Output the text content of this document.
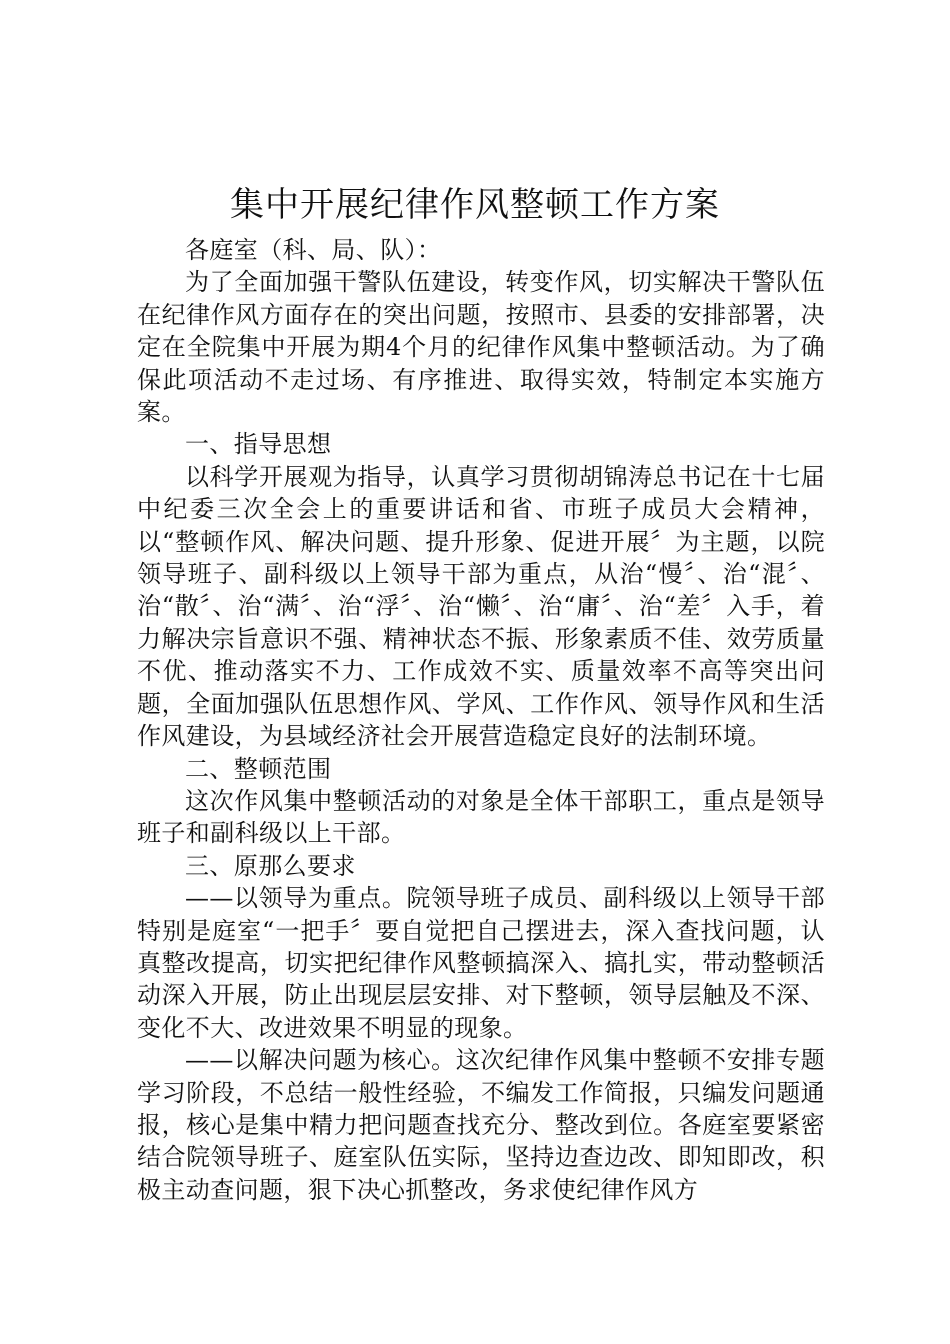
集中开展纪律作风整顿工作方案

各庭室（科、局、队）：

为了全面加强干警队伍建设，转变作风，切实解决干警队伍在纪律作风方面存在的突出问题，按照市、县委的安排部署，决定在全院集中开展为期4个月的纪律作风集中整顿活动。为了确保此项活动不走过场、有序推进、取得实效，特制定本实施方案。

一、指导思想

以科学开展观为指导，认真学习贯彻胡锦涛总书记在十七届中纪委三次全会上的重要讲话和省、市班子成员大会精神，以“整顿作风、解决问题、提升形象、促进开展〞为主题，以院领导班子、副科级以上领导干部为重点，从治“慢〞、治“混〞、治“散〞、治“满〞、治“浮〞、治“懒〞、治“庸〞、治“差〞入手，着力解决宗旨意识不强、精神状态不振、形象素质不佳、效劳质量不优、推动落实不力、工作成效不实、质量效率不高等突出问题，全面加强队伍思想作风、学风、工作作风、领导作风和生活作风建设，为县域经济社会开展营造稳定良好的法制环境。

二、整顿范围

这次作风集中整顿活动的对象是全体干部职工，重点是领导班子和副科级以上干部。

三、原那么要求

——以领导为重点。院领导班子成员、副科级以上领导干部特别是庭室“一把手〞要自觉把自己摆进去，深入查找问题，认真整改提高，切实把纪律作风整顿搞深入、搞扎实，带动整顿活动深入开展，防止出现层层安排、对下整顿，领导层触及不深、变化不大、改进效果不明显的现象。

——以解决问题为核心。这次纪律作风集中整顿不安排专题学习阶段，不总结一般性经验，不编发工作简报，只编发问题通报，核心是集中精力把问题查找充分、整改到位。各庭室要紧密结合院领导班子、庭室队伍实际，坚持边查边改、即知即改，积极主动查问题，狠下决心抓整改，务求使纪律作风方
